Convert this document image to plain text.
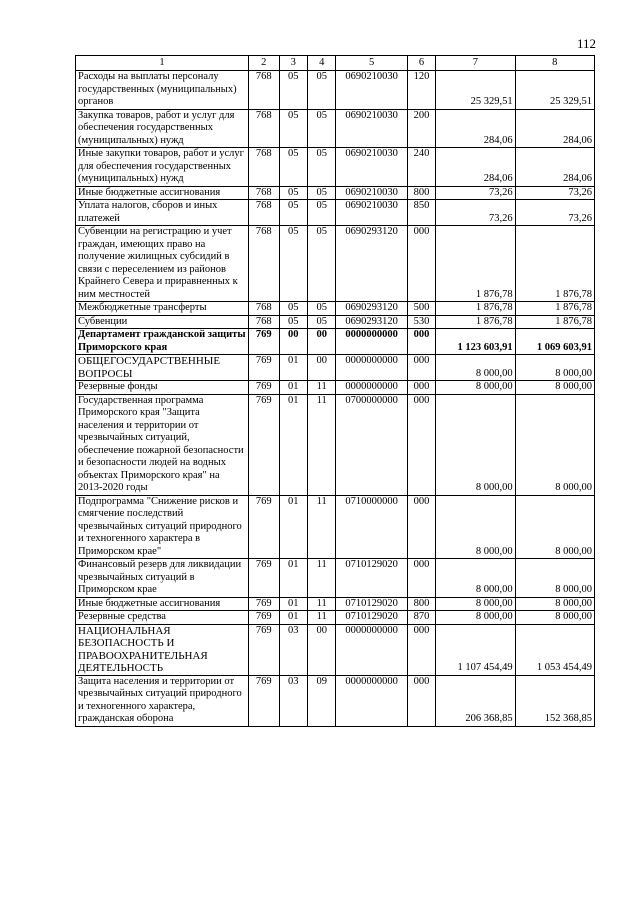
112
1	2	3	4	5	6	7	8
Расходы на выплаты персоналу государственных (муниципальных) органов	768	05	05	0690210030	120	25 329,51	25 329,51
Закупка товаров, работ и услуг для обеспечения государственных (муниципальных) нужд	768	05	05	0690210030	200	284,06	284,06
Иные закупки товаров, работ и услуг для обеспечения государственных (муниципальных) нужд	768	05	05	0690210030	240	284,06	284,06
Иные бюджетные ассигнования	768	05	05	0690210030	800	73,26	73,26
Уплата налогов, сборов и иных платежей	768	05	05	0690210030	850	73,26	73,26
Субвенции на регистрацию и учет граждан, имеющих право на получение жилищных субсидий в связи с переселением из районов Крайнего Севера и приравненных к ним местностей	768	05	05	0690293120	000	1 876,78	1 876,78
Межбюджетные трансферты	768	05	05	0690293120	500	1 876,78	1 876,78
Субвенции	768	05	05	0690293120	530	1 876,78	1 876,78
Департамент гражданской защиты Приморского края	769	00	00	0000000000	000	1 123 603,91	1 069 603,91
ОБЩЕГОСУДАРСТВЕННЫЕ ВОПРОСЫ	769	01	00	0000000000	000	8 000,00	8 000,00
Резервные фонды	769	01	11	0000000000	000	8 000,00	8 000,00
Государственная программа Приморского края "Защита населения и территории от чрезвычайных ситуаций, обеспечение пожарной безопасности и безопасности людей на водных объектах Приморского края" на 2013-2020 годы	769	01	11	0700000000	000	8 000,00	8 000,00
Подпрограмма "Снижение рисков и смягчение последствий чрезвычайных ситуаций природного и техногенного характера в Приморском крае"	769	01	11	0710000000	000	8 000,00	8 000,00
Финансовый резерв для ликвидации чрезвычайных ситуаций в Приморском крае	769	01	11	0710129020	000	8 000,00	8 000,00
Иные бюджетные ассигнования	769	01	11	0710129020	800	8 000,00	8 000,00
Резервные средства	769	01	11	0710129020	870	8 000,00	8 000,00
НАЦИОНАЛЬНАЯ БЕЗОПАСНОСТЬ И ПРАВООХРАНИТЕЛЬНАЯ ДЕЯТЕЛЬНОСТЬ	769	03	00	0000000000	000	1 107 454,49	1 053 454,49
Защита населения и территории от чрезвычайных ситуаций природного и техногенного характера, гражданская оборона	769	03	09	0000000000	000	206 368,85	152 368,85
